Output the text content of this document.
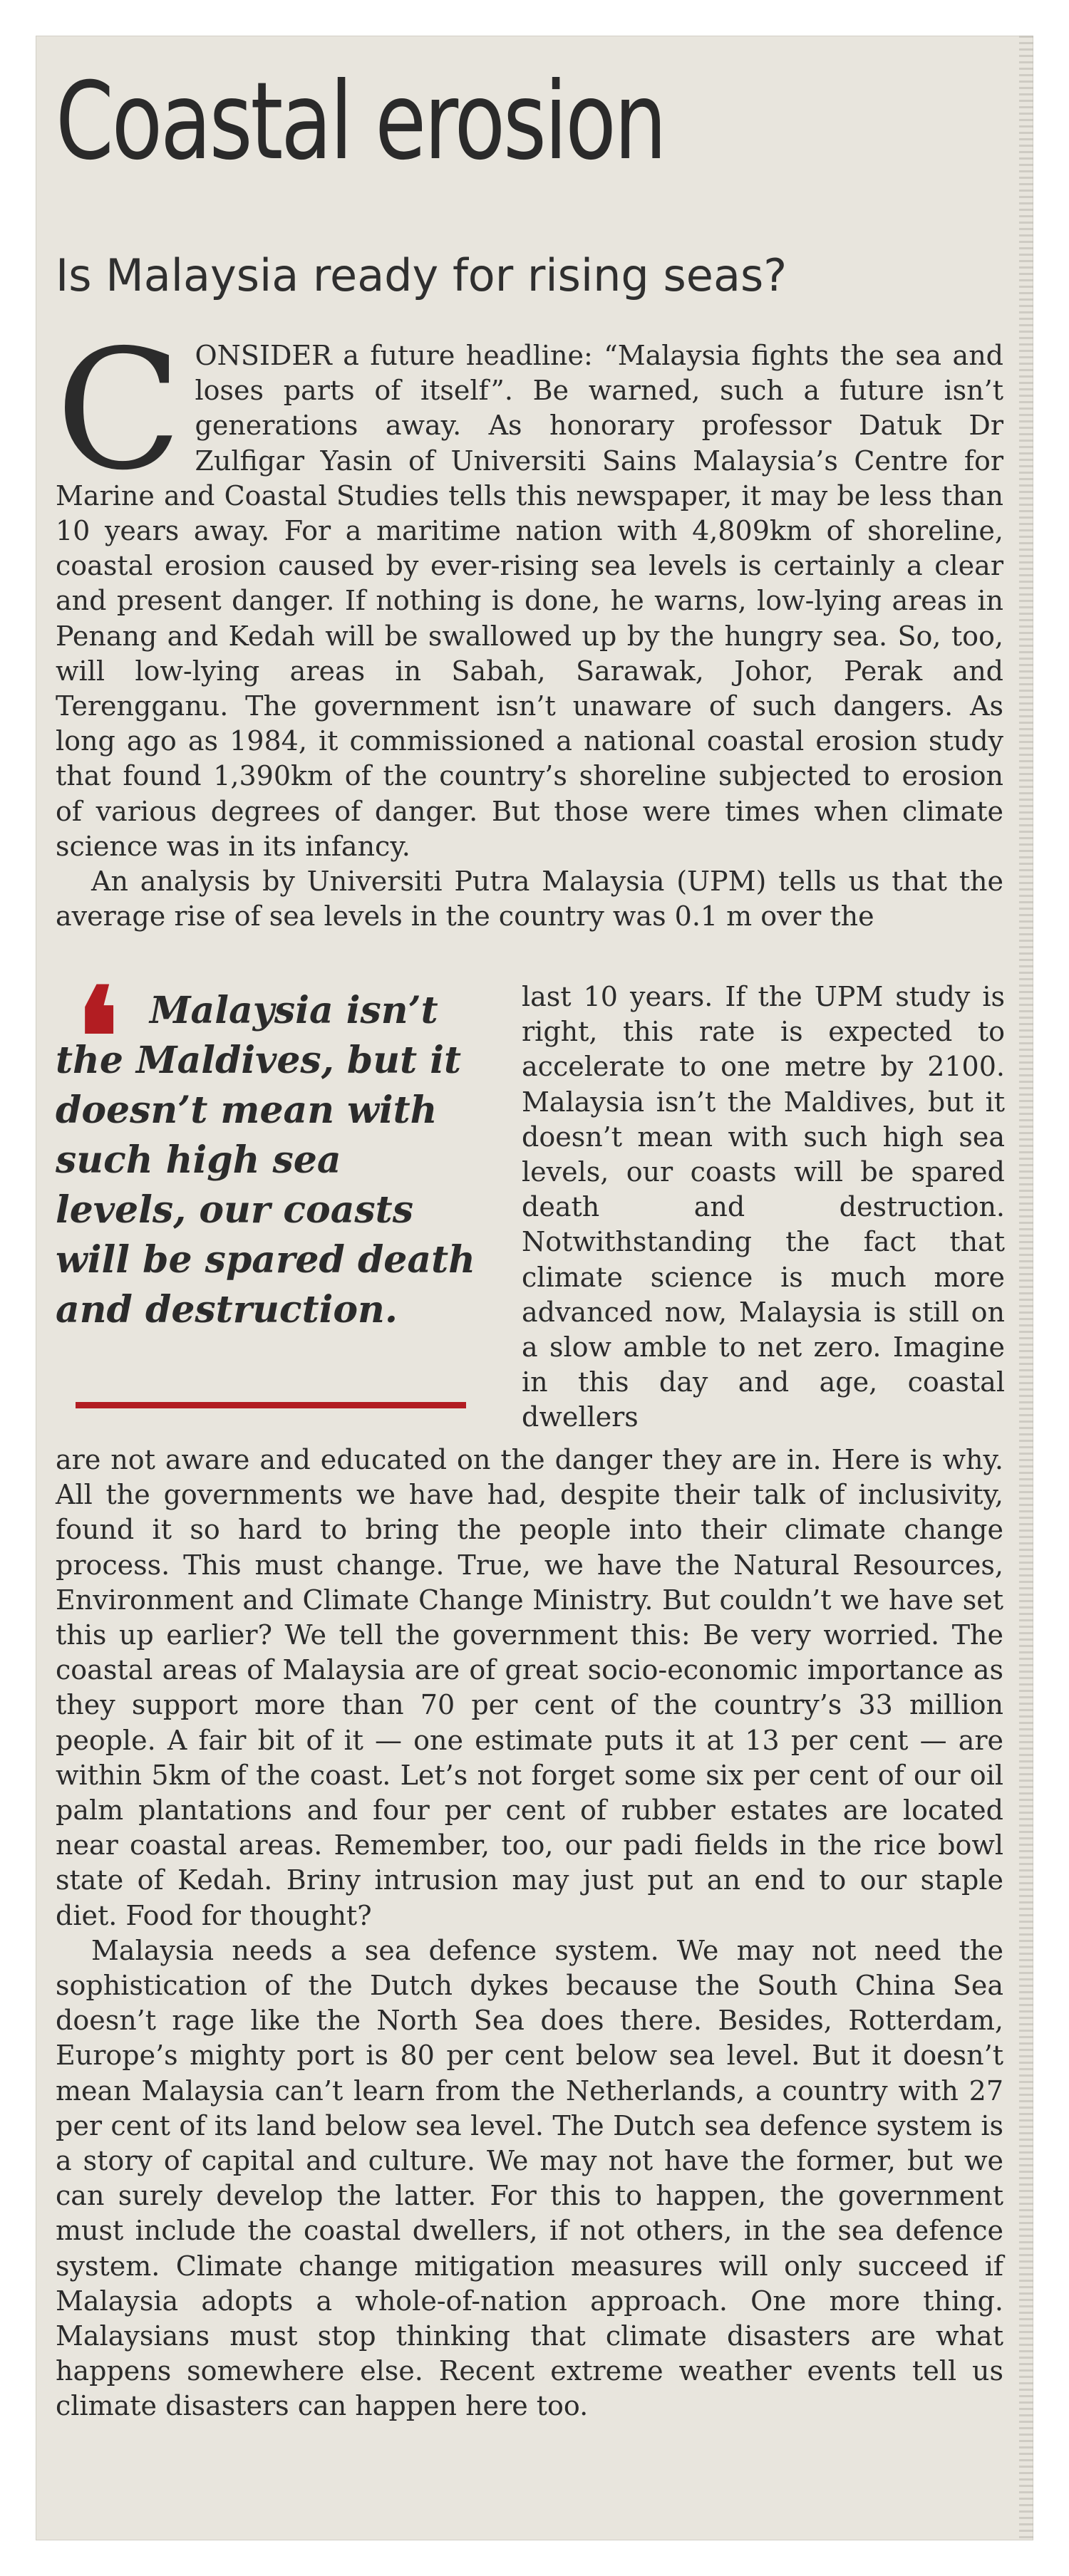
Coastal erosion
Is Malaysia ready for rising seas?

CONSIDER a future headline: “Malaysia fights the sea and loses parts of itself”. Be warned, such a future isn’t generations away. As honorary professor Datuk Dr Zulfigar Yasin of Universiti Sains Malaysia’s Centre for Marine and Coastal Studies tells this newspaper, it may be less than 10 years away. For a maritime nation with 4,809km of shoreline, coastal erosion caused by ever-rising sea levels is certainly a clear and present danger. If nothing is done, he warns, low-lying areas in Penang and Kedah will be swallowed up by the hungry sea. So, too, will low-lying areas in Sabah, Sarawak, Johor, Perak and Terengganu. The government isn’t unaware of such dangers. As long ago as 1984, it commissioned a national coastal erosion study that found 1,390km of the country’s shoreline subjected to erosion of various degrees of danger. But those were times when climate science was in its infancy.

An analysis by Universiti Putra Malaysia (UPM) tells us that the average rise of sea levels in the country was 0.1 m over the

❛ Malaysia isn’t the Maldives, but it doesn’t mean with such high sea levels, our coasts will be spared death and destruction.

last 10 years. If the UPM study is right, this rate is expected to accelerate to one metre by 2100. Malaysia isn’t the Maldives, but it doesn’t mean with such high sea levels, our coasts will be spared death and destruction. Notwithstanding the fact that climate science is much more advanced now, Malaysia is still on a slow amble to net zero. Imagine in this day and age, coastal dwellers

are not aware and educated on the danger they are in. Here is why. All the governments we have had, despite their talk of inclusivity, found it so hard to bring the people into their climate change process. This must change. True, we have the Natural Resources, Environment and Climate Change Ministry. But couldn’t we have set this up earlier? We tell the government this: Be very worried. The coastal areas of Malaysia are of great socio-economic importance as they support more than 70 per cent of the country’s 33 million people. A fair bit of it — one estimate puts it at 13 per cent — are within 5km of the coast. Let’s not forget some six per cent of our oil palm plantations and four per cent of rubber estates are located near coastal areas. Remember, too, our padi fields in the rice bowl state of Kedah. Briny intrusion may just put an end to our staple diet. Food for thought?

Malaysia needs a sea defence system. We may not need the sophistication of the Dutch dykes because the South China Sea doesn’t rage like the North Sea does there. Besides, Rotterdam, Europe’s mighty port is 80 per cent below sea level. But it doesn’t mean Malaysia can’t learn from the Netherlands, a country with 27 per cent of its land below sea level. The Dutch sea defence system is a story of capital and culture. We may not have the former, but we can surely develop the latter. For this to happen, the government must include the coastal dwellers, if not others, in the sea defence system. Climate change mitigation measures will only succeed if Malaysia adopts a whole-of-nation approach. One more thing. Malaysians must stop thinking that climate disasters are what happens somewhere else. Recent extreme weather events tell us climate disasters can happen here too.
